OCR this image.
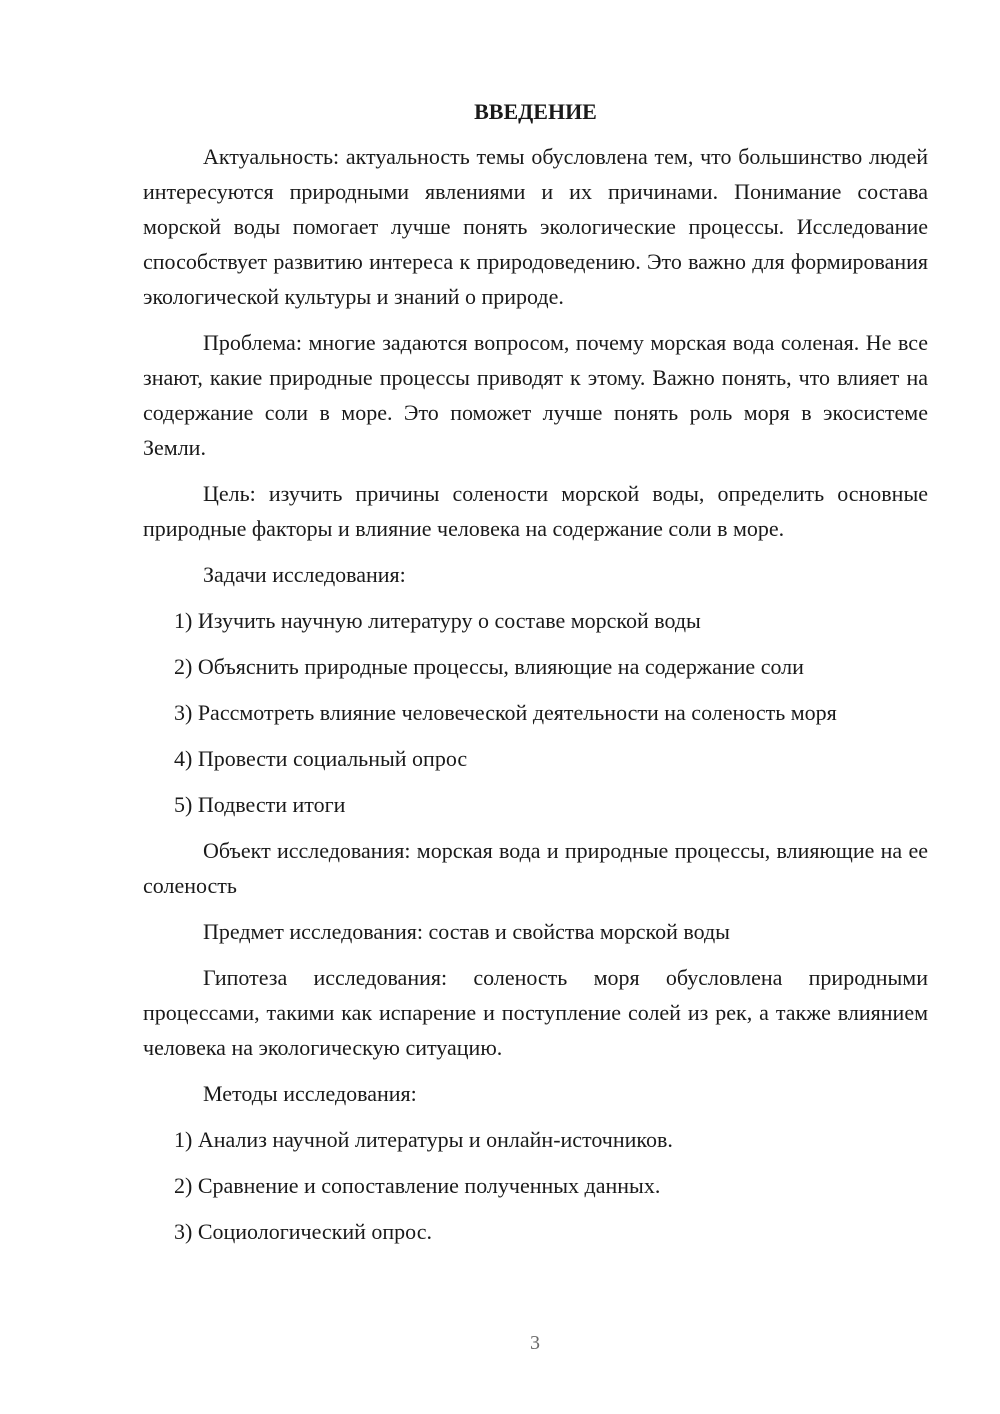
ВВЕДЕНИЕ

Актуальность: актуальность темы обусловлена тем, что большинство людей интересуются природными явлениями и их причинами. Понимание состава морской воды помогает лучше понять экологические процессы. Исследование способствует развитию интереса к природоведению. Это важно для формирования экологической культуры и знаний о природе.

Проблема: многие задаются вопросом, почему морская вода соленая. Не все знают, какие природные процессы приводят к этому. Важно понять, что влияет на содержание соли в море. Это поможет лучше понять роль моря в экосистеме Земли.

Цель: изучить причины солености морской воды, определить основные природные факторы и влияние человека на содержание соли в море.

Задачи исследования:
1) Изучить научную литературу о составе морской воды
2) Объяснить природные процессы, влияющие на содержание соли
3) Рассмотреть влияние человеческой деятельности на соленость моря
4) Провести социальный опрос
5) Подвести итоги

Объект исследования: морская вода и природные процессы, влияющие на ее соленость

Предмет исследования: состав и свойства морской воды

Гипотеза исследования: соленость моря обусловлена природными процессами, такими как испарение и поступление солей из рек, а также влиянием человека на экологическую ситуацию.

Методы исследования:
1) Анализ научной литературы и онлайн-источников.
2) Сравнение и сопоставление полученных данных.
3) Социологический опрос.
3
